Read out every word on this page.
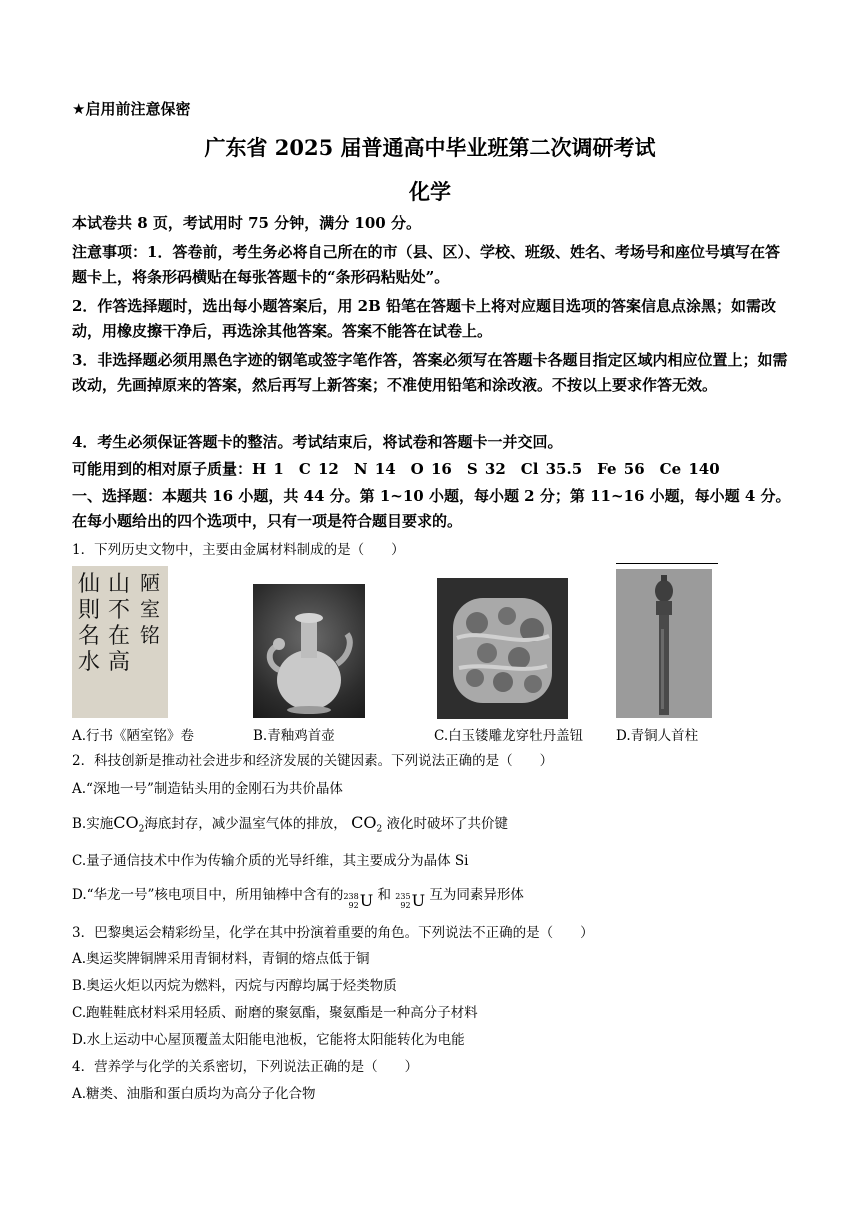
★启用前注意保密
广东省 2025 届普通高中毕业班第二次调研考试
化学
本试卷共 8 页，考试用时 75 分钟，满分 100 分。
注意事项：1．答卷前，考生务必将自己所在的市（县、区）、学校、班级、姓名、考场号和座位号填写在答题卡上，将条形码横贴在每张答题卡的“条形码粘贴处”。
2．作答选择题时，选出每小题答案后，用 2B 铅笔在答题卡上将对应题目选项的答案信息点涂黑；如需改动，用橡皮擦干净后，再选涂其他答案。答案不能答在试卷上。
3．非选择题必须用黑色字迹的钢笔或签字笔作答，答案必须写在答题卡各题目指定区域内相应位置上；如需改动，先画掉原来的答案，然后再写上新答案；不准使用铅笔和涂改液。不按以上要求作答无效。
4．考生必须保证答题卡的整洁。考试结束后，将试卷和答题卡一并交回。
可能用到的相对原子质量：H 1　C 12　N 14　O 16　S 32　Cl 35.5　Fe 56　Ce 140
一、选择题：本题共 16 小题，共 44 分。第 1~10 小题，每小题 2 分；第 11~16 小题，每小题 4 分。在每小题给出的四个选项中，只有一项是符合题目要求的。
1．下列历史文物中，主要由金属材料制成的是（　　）
仙則名水
山不在高
陋室铭
A.行书《陋室铭》卷	B.青釉鸡首壶	C.白玉镂雕龙穿牡丹盖钮 D.青铜人首柱
2．科技创新是推动社会进步和经济发展的关键因素。下列说法正确的是（　　）
A.“深地一号”制造钻头用的金刚石为共价晶体
B.实施$CO_2$海底封存，减少温室气体的排放， $CO_2$ 液化时破坏了共价键
C.量子通信技术中作为传输介质的光导纤维，其主要成分为晶体 Si
D.“华龙一号”核电项目中，所用铀棒中含有的 238
92 U 和 235
92 U 互为同素异形体
3．巴黎奥运会精彩纷呈，化学在其中扮演着重要的角色。下列说法不正确的是（　　）
A.奥运奖牌铜牌采用青铜材料，青铜的熔点低于铜
B.奥运火炬以丙烷为燃料，丙烷与丙醇均属于烃类物质
C.跑鞋鞋底材料采用轻质、耐磨的聚氨酯，聚氨酯是一种高分子材料
D.水上运动中心屋顶覆盖太阳能电池板，它能将太阳能转化为电能
4．营养学与化学的关系密切，下列说法正确的是（　　）
A.糖类、油脂和蛋白质均为高分子化合物
